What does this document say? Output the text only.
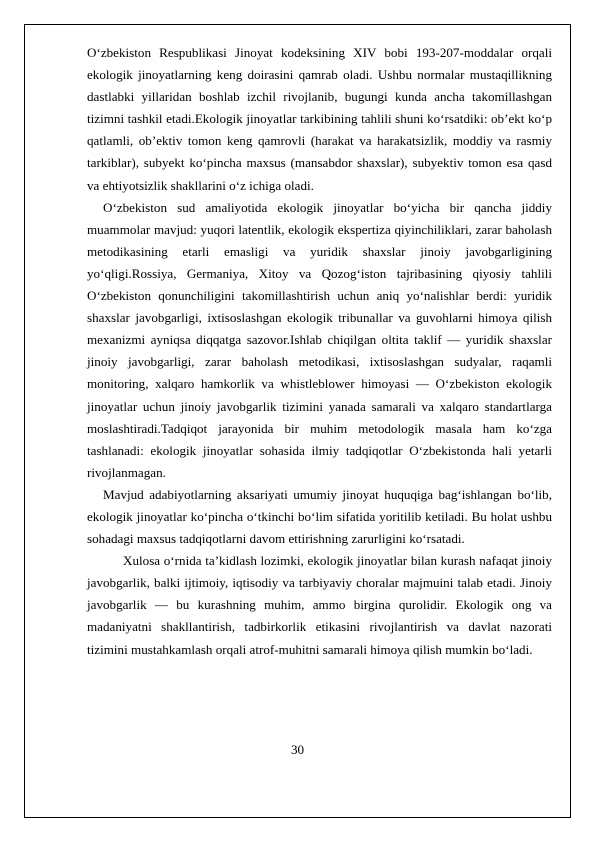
O‘zbekiston Respublikasi Jinoyat kodeksining XIV bobi 193-207-moddalar orqali ekologik jinoyatlarning keng doirasini qamrab oladi. Ushbu normalar mustaqillikning dastlabki yillaridan boshlab izchil rivojlanib, bugungi kunda ancha takomillashgan tizimni tashkil etadi.Ekologik jinoyatlar tarkibining tahlili shuni ko‘rsatdiki: ob’ekt ko‘p qatlamli, ob’ektiv tomon keng qamrovli (harakat va harakatsizlik, moddiy va rasmiy tarkiblar), subyekt ko‘pincha maxsus (mansabdor shaxslar), subyektiv tomon esa qasd va ehtiyotsizlik shakllarini o‘z ichiga oladi.

O‘zbekiston sud amaliyotida ekologik jinoyatlar bo‘yicha bir qancha jiddiy muammolar mavjud: yuqori latentlik, ekologik ekspertiza qiyinchiliklari, zarar baholash metodikasining etarli emasligi va yuridik shaxslar jinoiy javobgarligining yo‘qligi.Rossiya, Germaniya, Xitoy va Qozog‘iston tajribasining qiyosiy tahlili O‘zbekiston qonunchiligini takomillashtirish uchun aniq yo‘nalishlar berdi: yuridik shaxslar javobgarligi, ixtisoslashgan ekologik tribunallar va guvohlarni himoya qilish mexanizmi ayniqsa diqqatga sazovor.Ishlab chiqilgan oltita taklif — yuridik shaxslar jinoiy javobgarligi, zarar baholash metodikasi, ixtisoslashgan sudyalar, raqamli monitoring, xalqaro hamkorlik va whistleblower himoyasi — O‘zbekiston ekologik jinoyatlar uchun jinoiy javobgarlik tizimini yanada samarali va xalqaro standartlarga moslashtiradi.Tadqiqot jarayonida bir muhim metodologik masala ham ko‘zga tashlanadi: ekologik jinoyatlar sohasida ilmiy tadqiqotlar O‘zbekistonda hali yetarli rivojlanmagan.

Mavjud adabiyotlarning aksariyati umumiy jinoyat huquqiga bag‘ishlangan bo‘lib, ekologik jinoyatlar ko‘pincha o‘tkinchi bo‘lim sifatida yoritilib ketiladi. Bu holat ushbu sohadagi maxsus tadqiqotlarni davom ettirishning zarurligini ko‘rsatadi.

Xulosa o‘rnida ta’kidlash lozimki, ekologik jinoyatlar bilan kurash nafaqat jinoiy javobgarlik, balki ijtimoiy, iqtisodiy va tarbiyaviy choralar majmuini talab etadi. Jinoiy javobgarlik — bu kurashning muhim, ammo birgina qurolidir. Ekologik ong va madaniyatni shakllantirish, tadbirkorlik etikasini rivojlantirish va davlat nazorati tizimini mustahkamlash orqali atrof-muhitni samarali himoya qilish mumkin bo‘ladi.

30
